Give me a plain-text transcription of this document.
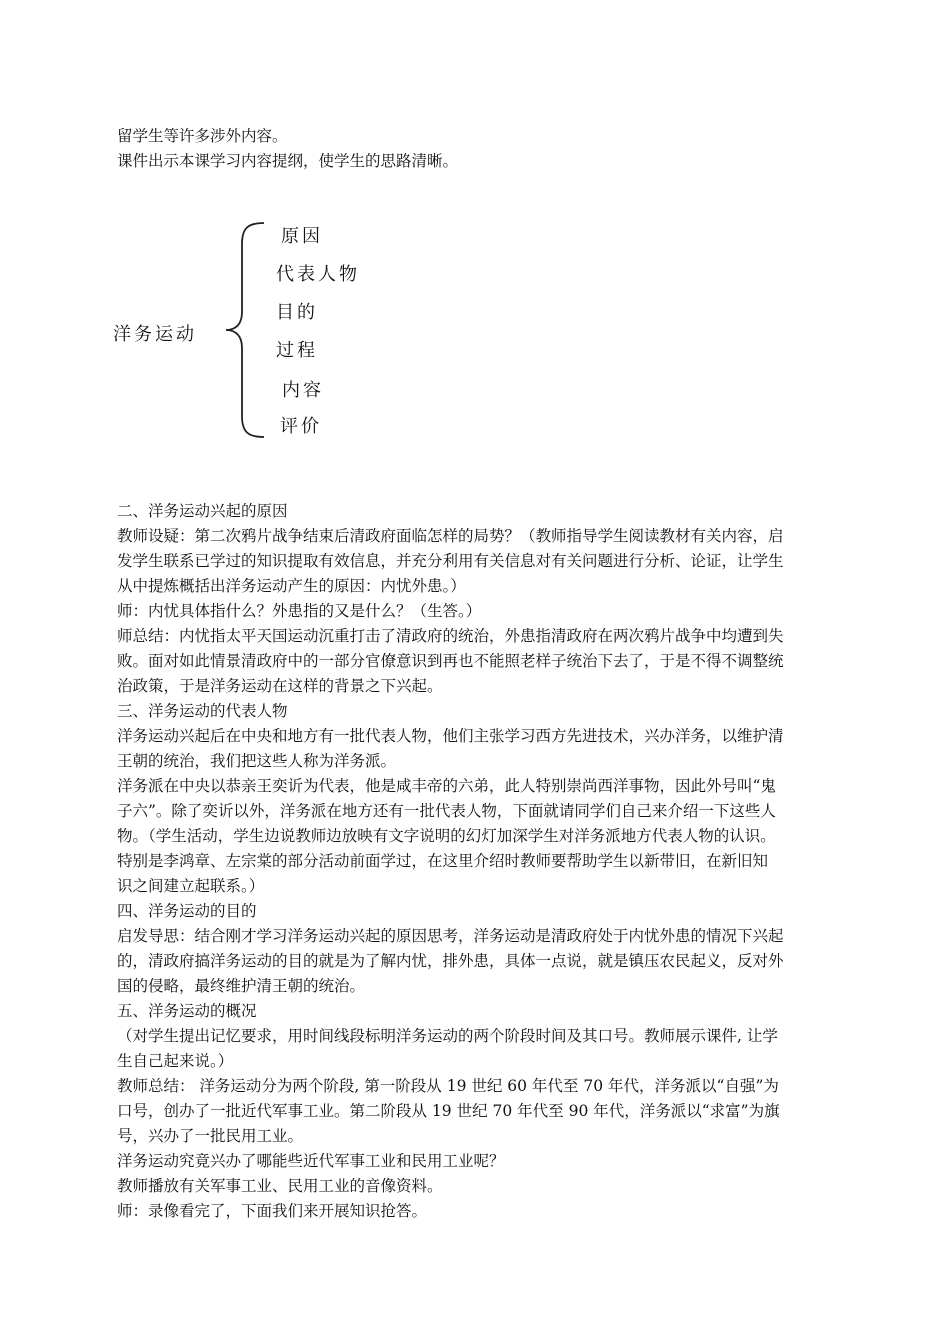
留学生等许多涉外内容。
课件出示本课学习内容提纲，使学生的思路清晰。
洋务运动
原因
代表人物
目的
过程
内容
评价
二、洋务运动兴起的原因
教师设疑：第二次鸦片战争结束后清政府面临怎样的局势？（教师指导学生阅读教材有关内容，启
发学生联系已学过的知识提取有效信息，并充分利用有关信息对有关问题进行分析、论证，让学生
从中提炼概括出洋务运动产生的原因：内忧外患。）
师：内忧具体指什么？外患指的又是什么？（生答。）
师总结：内忧指太平天国运动沉重打击了清政府的统治，外患指清政府在两次鸦片战争中均遭到失
败。面对如此情景清政府中的一部分官僚意识到再也不能照老样子统治下去了，于是不得不调整统
治政策，于是洋务运动在这样的背景之下兴起。
三、洋务运动的代表人物
洋务运动兴起后在中央和地方有一批代表人物，他们主张学习西方先进技术，兴办洋务，以维护清
王朝的统治，我们把这些人称为洋务派。
洋务派在中央以恭亲王奕䜣为代表，他是咸丰帝的六弟，此人特别崇尚西洋事物，因此外号叫“鬼
子六”。除了奕䜣以外，洋务派在地方还有一批代表人物，下面就请同学们自己来介绍一下这些人
物。（学生活动，学生边说教师边放映有文字说明的幻灯加深学生对洋务派地方代表人物的认识。
特别是李鸿章、左宗棠的部分活动前面学过，在这里介绍时教师要帮助学生以新带旧，在新旧知
识之间建立起联系。）
四、洋务运动的目的
启发导思：结合刚才学习洋务运动兴起的原因思考，洋务运动是清政府处于内忧外患的情况下兴起
的，清政府搞洋务运动的目的就是为了解内忧，排外患，具体一点说，就是镇压农民起义，反对外
国的侵略，最终维护清王朝的统治。
五、洋务运动的概况
（对学生提出记忆要求，用时间线段标明洋务运动的两个阶段时间及其口号。教师展示课件, 让学
生自己起来说。）
教师总结： 洋务运动分为两个阶段, 第一阶段从 19 世纪 60 年代至 70 年代，洋务派以“自强”为
口号，创办了一批近代军事工业。第二阶段从 19 世纪 70 年代至 90 年代，洋务派以“求富”为旗
号，兴办了一批民用工业。
洋务运动究竟兴办了哪能些近代军事工业和民用工业呢？
教师播放有关军事工业、民用工业的音像资料。
师：录像看完了，下面我们来开展知识抢答。
